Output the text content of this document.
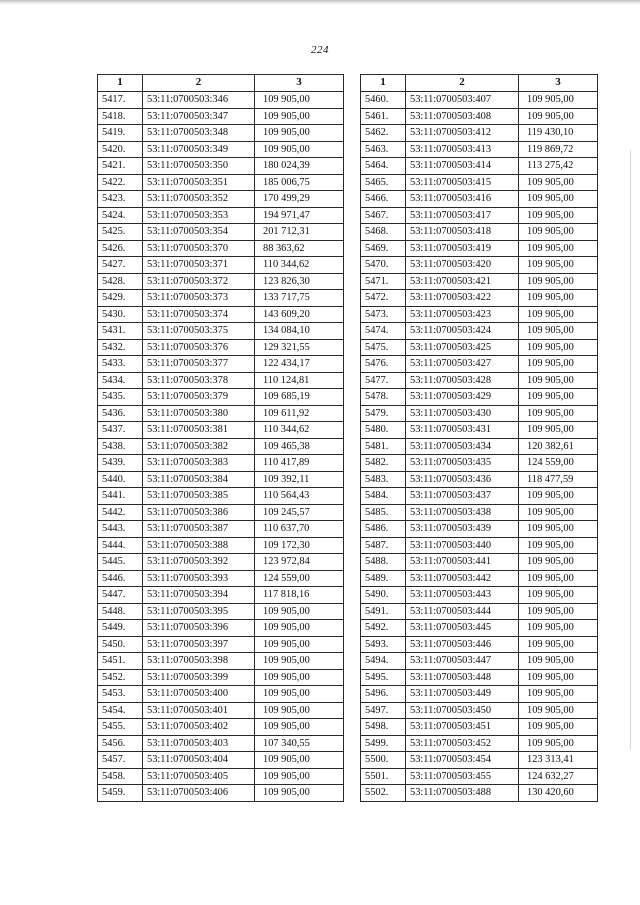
224
1	2	3
5417.	53:11:0700503:346	109 905,00
5418.	53:11:0700503:347	109 905,00
5419.	53:11:0700503:348	109 905,00
5420.	53:11:0700503:349	109 905,00
5421.	53:11:0700503:350	180 024,39
5422.	53:11:0700503:351	185 006,75
5423.	53:11:0700503:352	170 499,29
5424.	53:11:0700503:353	194 971,47
5425.	53:11:0700503:354	201 712,31
5426.	53:11:0700503:370	88 363,62
5427.	53:11:0700503:371	110 344,62
5428.	53:11:0700503:372	123 826,30
5429.	53:11:0700503:373	133 717,75
5430.	53:11:0700503:374	143 609,20
5431.	53:11:0700503:375	134 084,10
5432.	53:11:0700503:376	129 321,55
5433.	53:11:0700503:377	122 434,17
5434.	53:11:0700503:378	110 124,81
5435.	53:11:0700503:379	109 685,19
5436.	53:11:0700503:380	109 611,92
5437.	53:11:0700503:381	110 344,62
5438.	53:11:0700503:382	109 465,38
5439.	53:11:0700503:383	110 417,89
5440.	53:11:0700503:384	109 392,11
5441.	53:11:0700503:385	110 564,43
5442.	53:11:0700503:386	109 245,57
5443.	53:11:0700503:387	110 637,70
5444.	53:11:0700503:388	109 172,30
5445.	53:11:0700503:392	123 972,84
5446.	53:11:0700503:393	124 559,00
5447.	53:11:0700503:394	117 818,16
5448.	53:11:0700503:395	109 905,00
5449.	53:11:0700503:396	109 905,00
5450.	53:11:0700503:397	109 905,00
5451.	53:11:0700503:398	109 905,00
5452.	53:11:0700503:399	109 905,00
5453.	53:11:0700503:400	109 905,00
5454.	53:11:0700503:401	109 905,00
5455.	53:11:0700503:402	109 905,00
5456.	53:11:0700503:403	107 340,55
5457.	53:11:0700503:404	109 905,00
5458.	53:11:0700503:405	109 905,00
5459.	53:11:0700503:406	109 905,00
1	2	3
5460.	53:11:0700503:407	109 905,00
5461.	53:11:0700503:408	109 905,00
5462.	53:11:0700503:412	119 430,10
5463.	53:11:0700503:413	119 869,72
5464.	53:11:0700503:414	113 275,42
5465.	53:11:0700503:415	109 905,00
5466.	53:11:0700503:416	109 905,00
5467.	53:11:0700503:417	109 905,00
5468.	53:11:0700503:418	109 905,00
5469.	53:11:0700503:419	109 905,00
5470.	53:11:0700503:420	109 905,00
5471.	53:11:0700503:421	109 905,00
5472.	53:11:0700503:422	109 905,00
5473.	53:11:0700503:423	109 905,00
5474.	53:11:0700503:424	109 905,00
5475.	53:11:0700503:425	109 905,00
5476.	53:11:0700503:427	109 905,00
5477.	53:11:0700503:428	109 905,00
5478.	53:11:0700503:429	109 905,00
5479.	53:11:0700503:430	109 905,00
5480.	53:11:0700503:431	109 905,00
5481.	53:11:0700503:434	120 382,61
5482.	53:11:0700503:435	124 559,00
5483.	53:11:0700503:436	118 477,59
5484.	53:11:0700503:437	109 905,00
5485.	53:11:0700503:438	109 905,00
5486.	53:11:0700503:439	109 905,00
5487.	53:11:0700503:440	109 905,00
5488.	53:11:0700503:441	109 905,00
5489.	53:11:0700503:442	109 905,00
5490.	53:11:0700503:443	109 905,00
5491.	53:11:0700503:444	109 905,00
5492.	53:11:0700503:445	109 905,00
5493.	53:11:0700503:446	109 905,00
5494.	53:11:0700503:447	109 905,00
5495.	53:11:0700503:448	109 905,00
5496.	53:11:0700503:449	109 905,00
5497.	53:11:0700503:450	109 905,00
5498.	53:11:0700503:451	109 905,00
5499.	53:11:0700503:452	109 905,00
5500.	53:11:0700503:454	123 313,41
5501.	53:11:0700503:455	124 632,27
5502.	53:11:0700503:488	130 420,60
